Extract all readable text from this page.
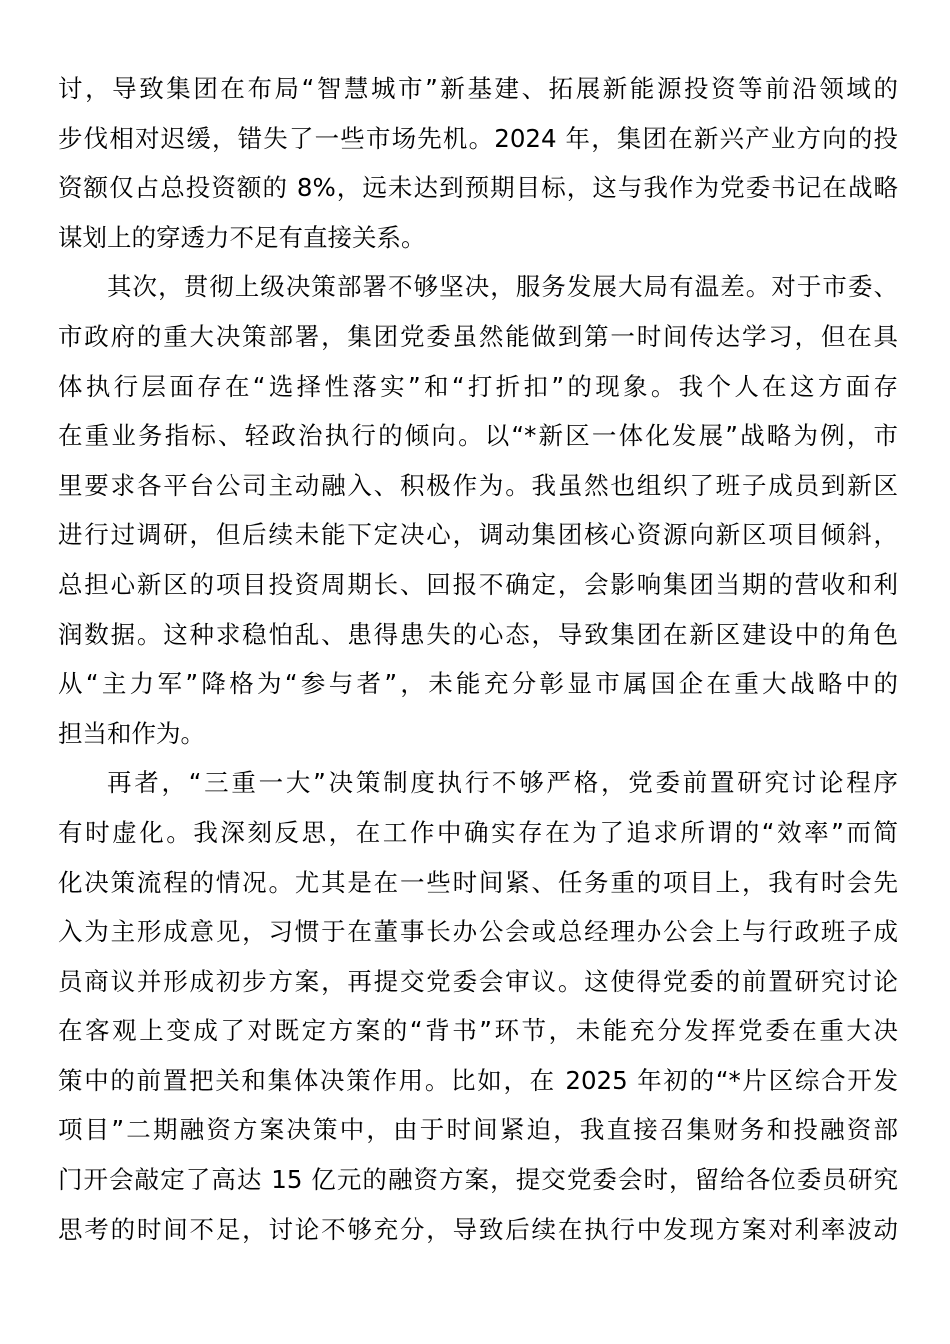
讨，导致集团在布局“智慧城市”新基建、拓展新能源投资等前沿领域的
步伐相对迟缓，错失了一些市场先机。2024 年，集团在新兴产业方向的投
资额仅占总投资额的 8%，远未达到预期目标，这与我作为党委书记在战略
谋划上的穿透力不足有直接关系。
其次，贯彻上级决策部署不够坚决，服务发展大局有温差。对于市委、
市政府的重大决策部署，集团党委虽然能做到第一时间传达学习，但在具
体执行层面存在“选择性落实”和“打折扣”的现象。我个人在这方面存
在重业务指标、轻政治执行的倾向。以“*新区一体化发展”战略为例，市
里要求各平台公司主动融入、积极作为。我虽然也组织了班子成员到新区
进行过调研，但后续未能下定决心，调动集团核心资源向新区项目倾斜，
总担心新区的项目投资周期长、回报不确定，会影响集团当期的营收和利
润数据。这种求稳怕乱、患得患失的心态，导致集团在新区建设中的角色
从“主力军”降格为“参与者”，未能充分彰显市属国企在重大战略中的
担当和作为。
再者，“三重一大”决策制度执行不够严格，党委前置研究讨论程序
有时虚化。我深刻反思，在工作中确实存在为了追求所谓的“效率”而简
化决策流程的情况。尤其是在一些时间紧、任务重的项目上，我有时会先
入为主形成意见，习惯于在董事长办公会或总经理办公会上与行政班子成
员商议并形成初步方案，再提交党委会审议。这使得党委的前置研究讨论
在客观上变成了对既定方案的“背书”环节，未能充分发挥党委在重大决
策中的前置把关和集体决策作用。比如，在 2025 年初的“*片区综合开发
项目”二期融资方案决策中，由于时间紧迫，我直接召集财务和投融资部
门开会敲定了高达 15 亿元的融资方案，提交党委会时，留给各位委员研究
思考的时间不足，讨论不够充分，导致后续在执行中发现方案对利率波动
